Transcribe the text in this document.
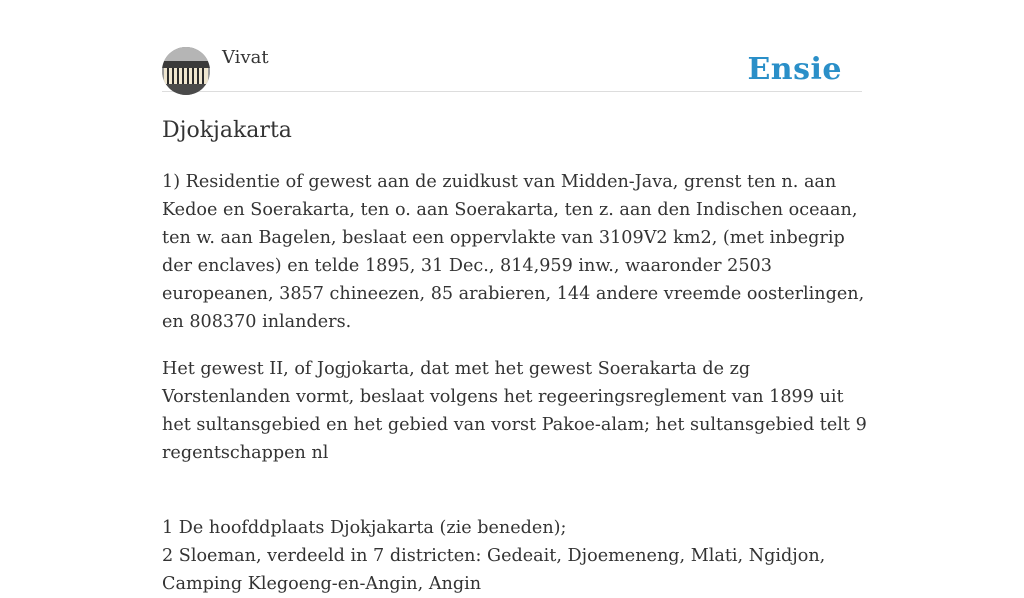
Vivat	Ensie
Djokjakarta

1) Residentie of gewest aan de zuidkust van Midden-Java, grenst ten n. aan Kedoe en Soerakarta, ten o. aan Soerakarta, ten z. aan den Indischen oceaan, ten w. aan Bagelen, beslaat een oppervlakte van 3109V2 km2, (met inbegrip der enclaves) en telde 1895, 31 Dec., 814,959 inw., waaronder 2503 europeanen, 3857 chineezen, 85 arabieren, 144 andere vreemde oosterlingen, en 808370 inlanders.

Het gewest II, of Jogjokarta, dat met het gewest Soerakarta de zg Vorstenlanden vormt, beslaat volgens het regeeringsreglement van 1899 uit het sultansgebied en het gebied van vorst Pakoe-alam; het sultansgebied telt 9 regentschappen nl

1 De hoofddplaats Djokjakarta (zie beneden);
2 Sloeman, verdeeld in 7 districten: Gedeait, Djoemeneng, Mlati, Ngidjon,
Camping Klegoeng-en-Angin, Angin
